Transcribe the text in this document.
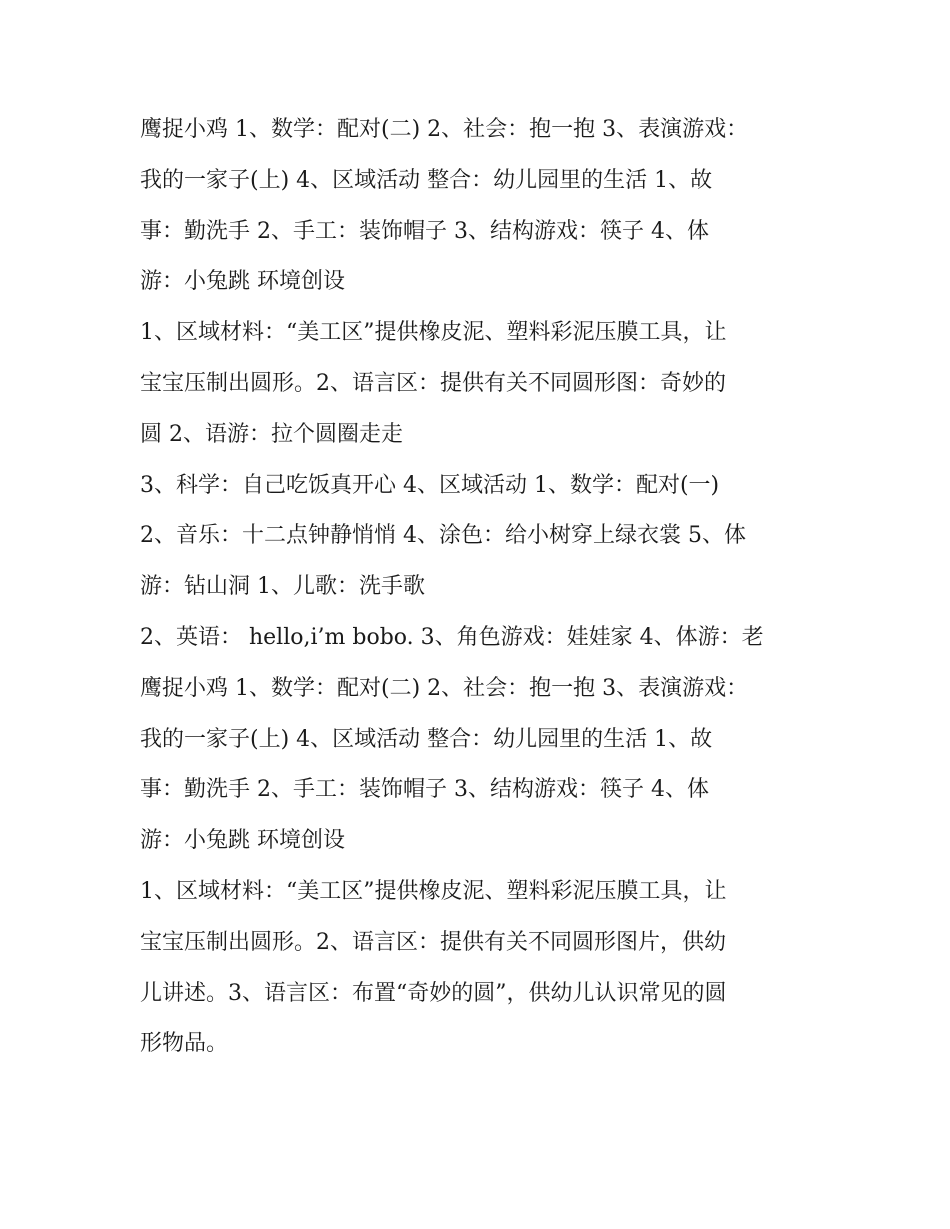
鹰捉小鸡 1、数学：配对(二) 2、社会：抱一抱 3、表演游戏：
我的一家子(上) 4、区域活动 整合：幼儿园里的生活 1、故
事：勤洗手 2、手工：装饰帽子 3、结构游戏：筷子 4、体
游：小兔跳 环境创设
1、区域材料：“美工区”提供橡皮泥、塑料彩泥压膜工具，让
宝宝压制出圆形。2、语言区：提供有关不同圆形图：奇妙的
圆 2、语游：拉个圆圈走走
3、科学：自己吃饭真开心 4、区域活动 1、数学：配对(一)
2、音乐：十二点钟静悄悄 4、涂色：给小树穿上绿衣裳 5、体
游：钻山洞 1、儿歌：洗手歌
2、英语： hello,i’m bobo. 3、角色游戏：娃娃家 4、体游：老
鹰捉小鸡 1、数学：配对(二) 2、社会：抱一抱 3、表演游戏：
我的一家子(上) 4、区域活动 整合：幼儿园里的生活 1、故
事：勤洗手 2、手工：装饰帽子 3、结构游戏：筷子 4、体
游：小兔跳 环境创设
1、区域材料：“美工区”提供橡皮泥、塑料彩泥压膜工具，让
宝宝压制出圆形。2、语言区：提供有关不同圆形图片，供幼
儿讲述。3、语言区：布置“奇妙的圆”，供幼儿认识常见的圆
形物品。
